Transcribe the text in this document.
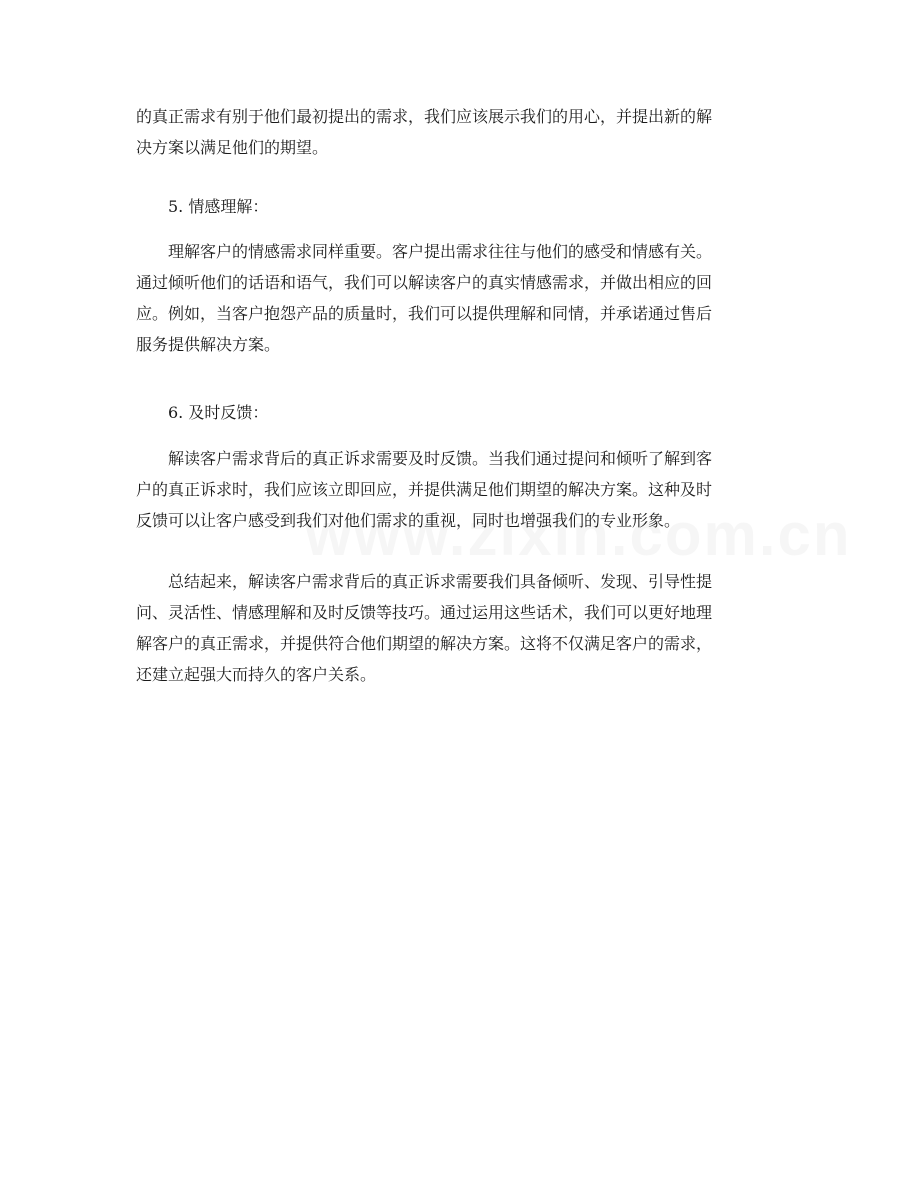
的真正需求有别于他们最初提出的需求，我们应该展示我们的用心，并提出新的解
决方案以满足他们的期望。

5. 情感理解：

理解客户的情感需求同样重要。客户提出需求往往与他们的感受和情感有关。
通过倾听他们的话语和语气，我们可以解读客户的真实情感需求，并做出相应的回
应。例如，当客户抱怨产品的质量时，我们可以提供理解和同情，并承诺通过售后
服务提供解决方案。

6. 及时反馈：

解读客户需求背后的真正诉求需要及时反馈。当我们通过提问和倾听了解到客
户的真正诉求时，我们应该立即回应，并提供满足他们期望的解决方案。这种及时
反馈可以让客户感受到我们对他们需求的重视，同时也增强我们的专业形象。

总结起来，解读客户需求背后的真正诉求需要我们具备倾听、发现、引导性提
问、灵活性、情感理解和及时反馈等技巧。通过运用这些话术，我们可以更好地理
解客户的真正需求，并提供符合他们期望的解决方案。这将不仅满足客户的需求，
还建立起强大而持久的客户关系。
